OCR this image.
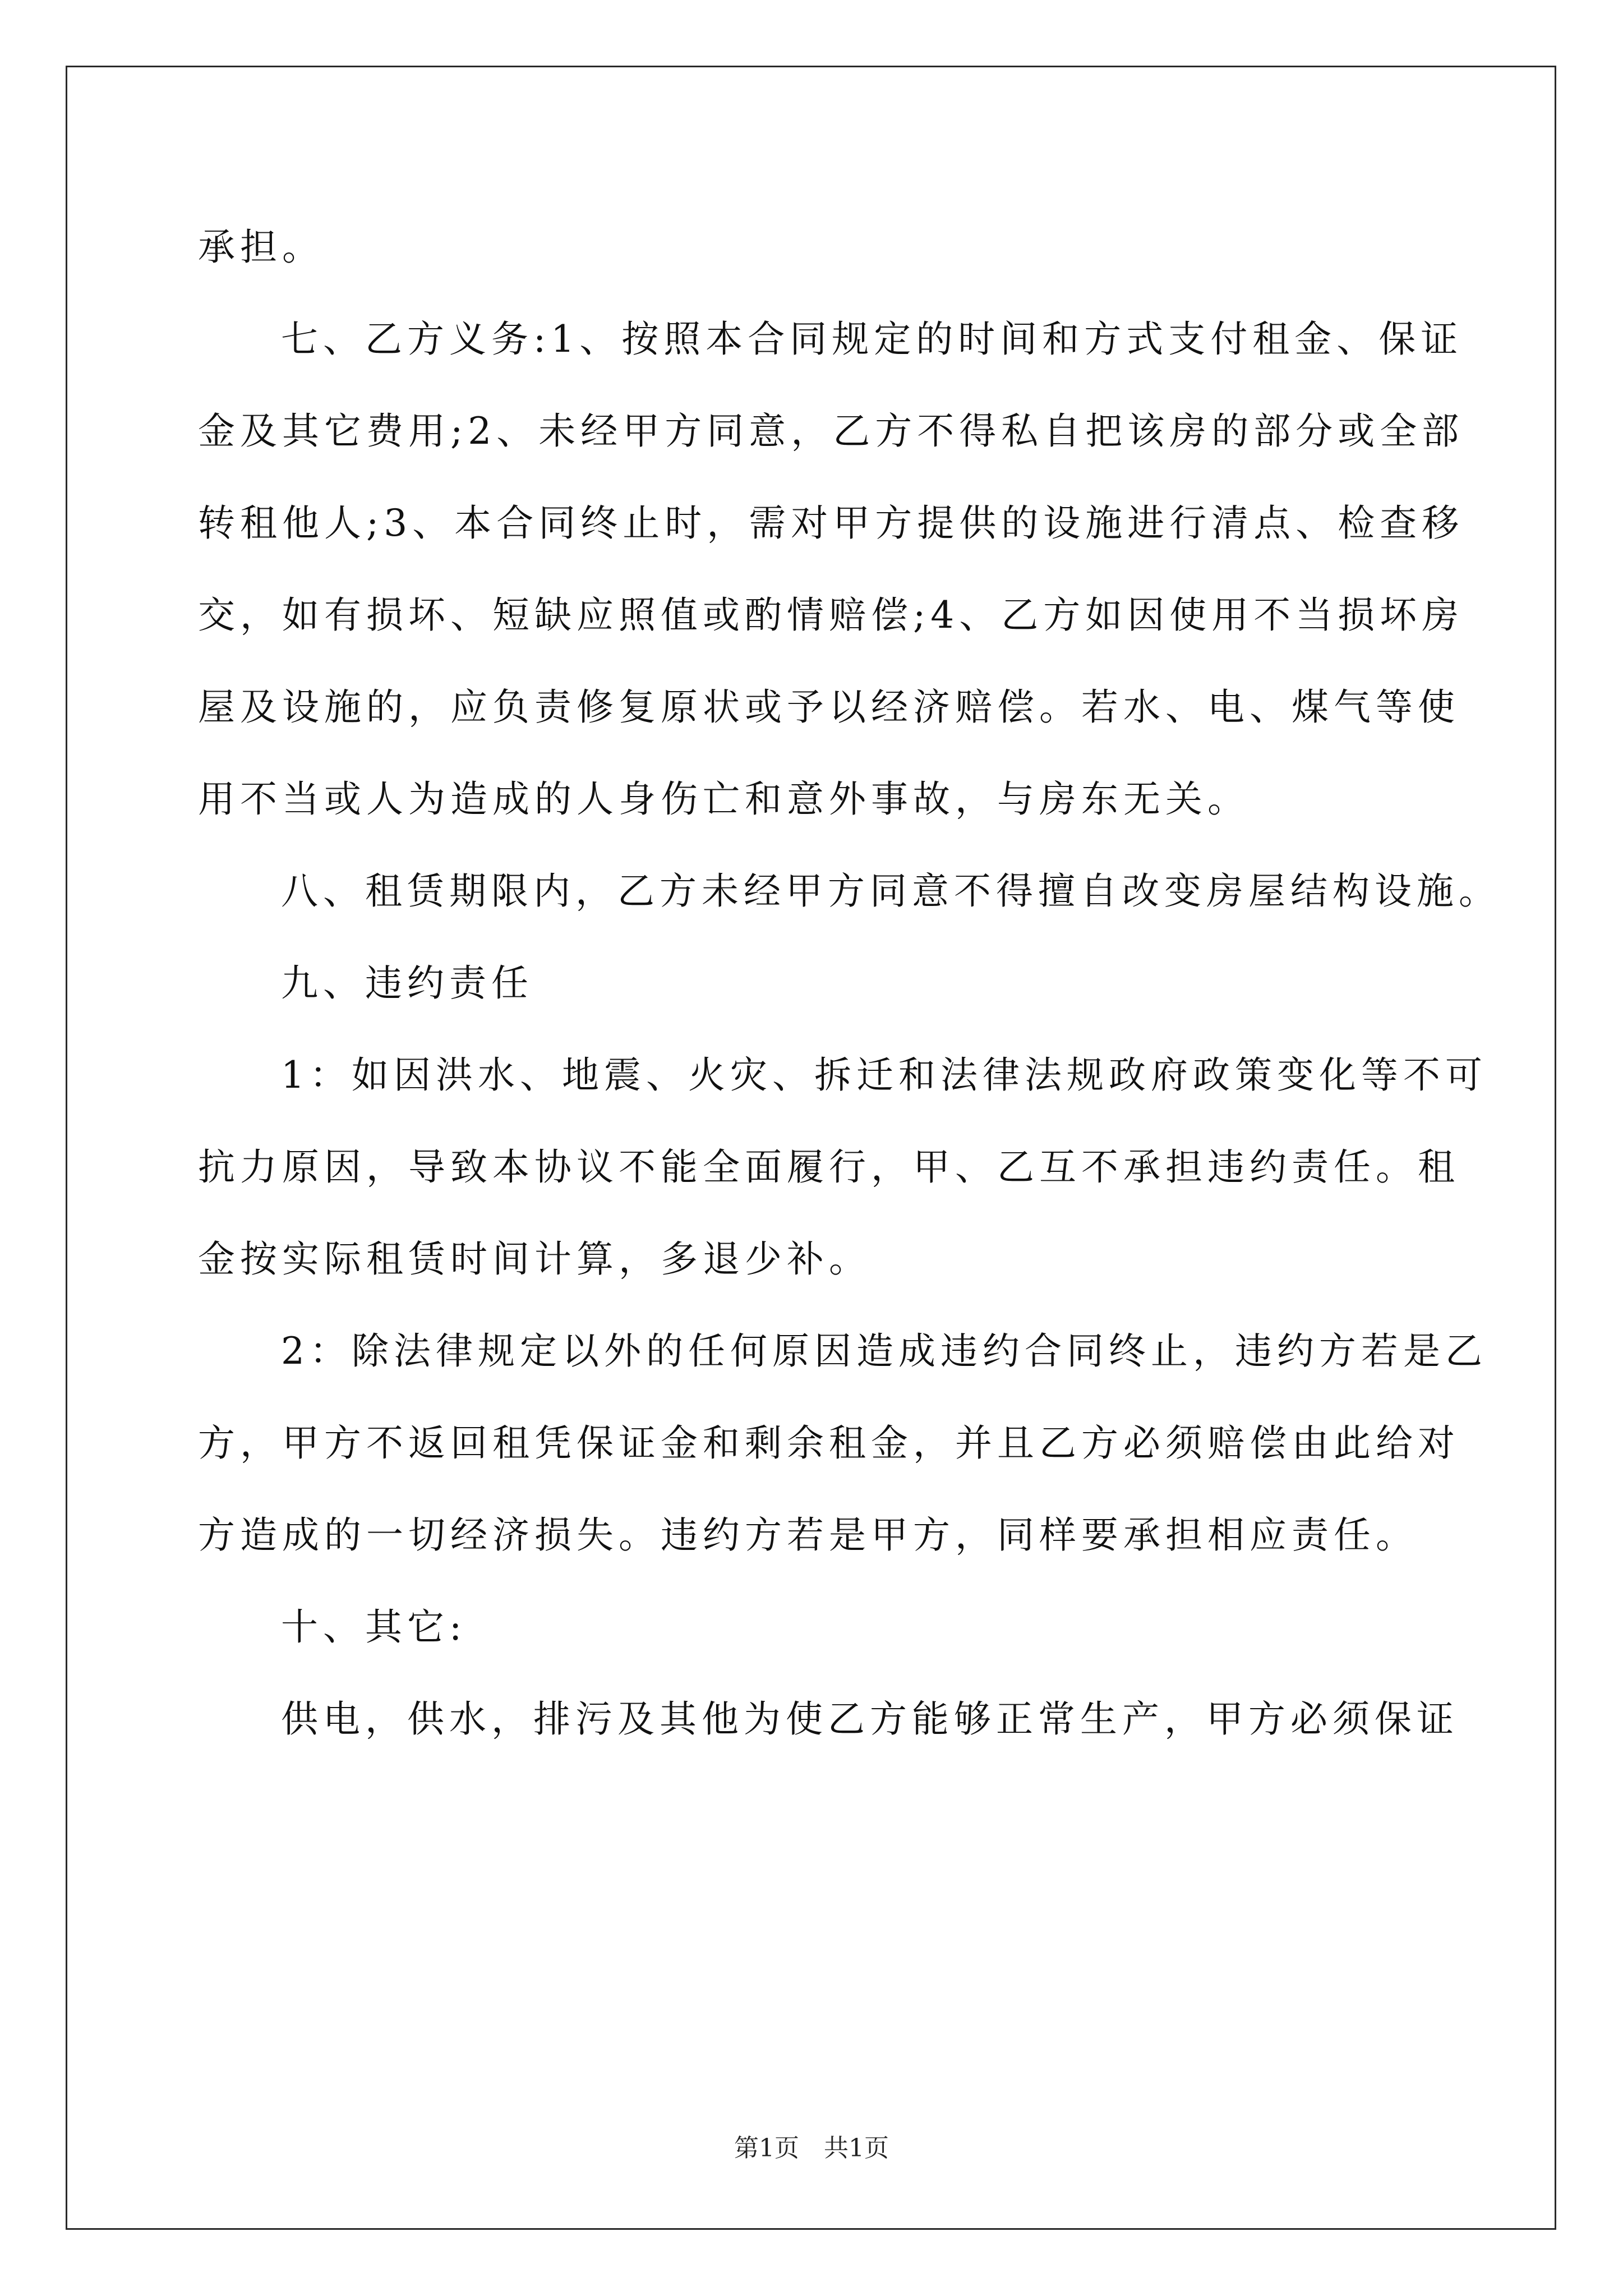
承担。
七、乙方义务:1、按照本合同规定的时间和方式支付租金、保证
金及其它费用;2、未经甲方同意，乙方不得私自把该房的部分或全部
转租他人;3、本合同终止时，需对甲方提供的设施进行清点、检查移
交，如有损坏、短缺应照值或酌情赔偿;4、乙方如因使用不当损坏房
屋及设施的，应负责修复原状或予以经济赔偿。若水、电、煤气等使
用不当或人为造成的人身伤亡和意外事故，与房东无关。
八、租赁期限内，乙方未经甲方同意不得擅自改变房屋结构设施。
九、违约责任
1：如因洪水、地震、火灾、拆迁和法律法规政府政策变化等不可
抗力原因，导致本协议不能全面履行，甲、乙互不承担违约责任。租
金按实际租赁时间计算，多退少补。
2：除法律规定以外的任何原因造成违约合同终止，违约方若是乙
方，甲方不返回租凭保证金和剩余租金，并且乙方必须赔偿由此给对
方造成的一切经济损失。违约方若是甲方，同样要承担相应责任。
十、其它:
供电，供水，排污及其他为使乙方能够正常生产，甲方必须保证
第1页　共1页
